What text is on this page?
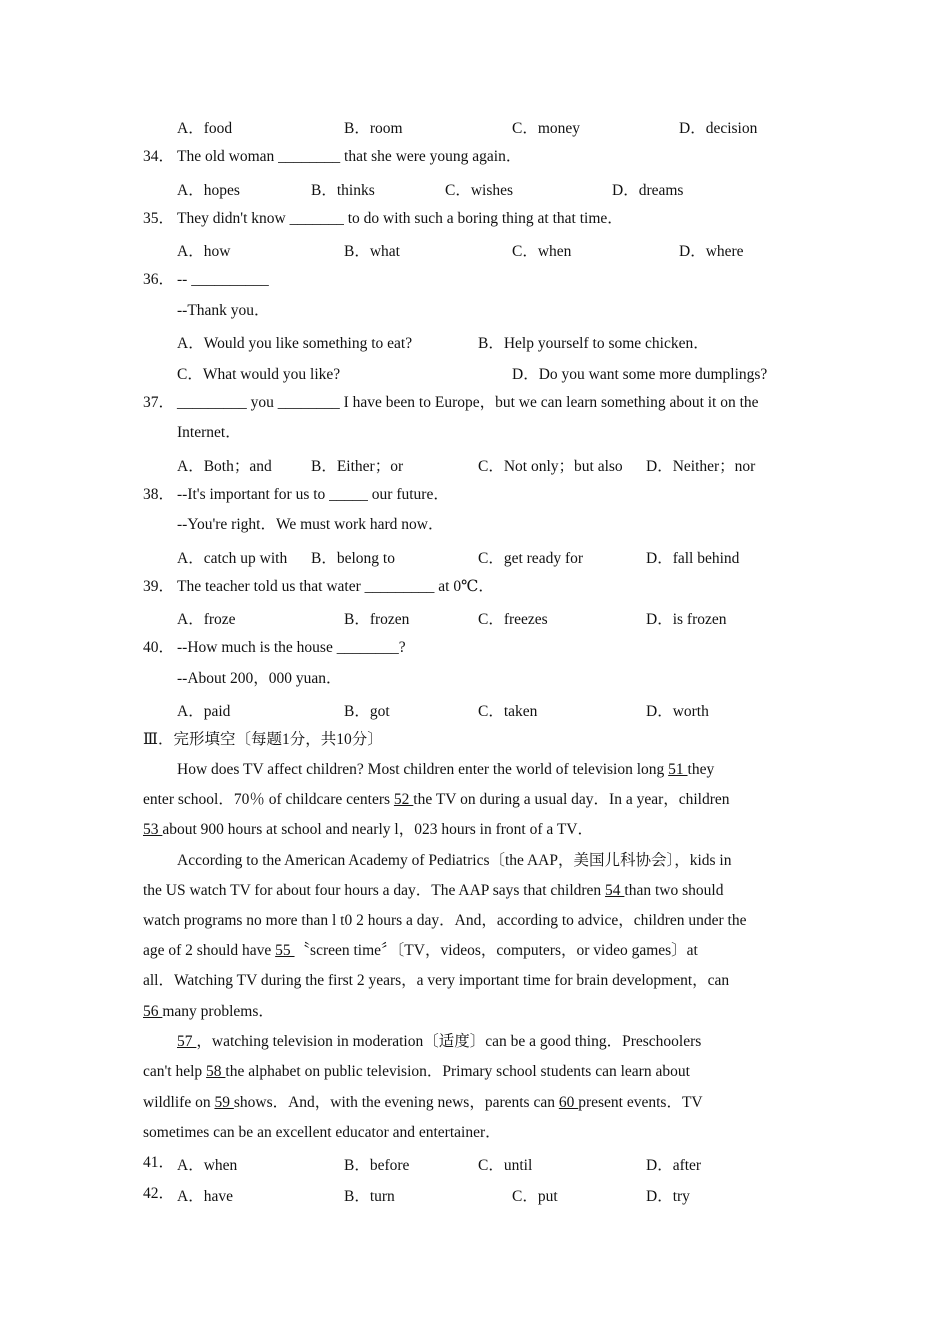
A．food	B．room	C．money	D．decision
34． The old woman ________ that she were young again．
A．hopes	B．thinks	C．wishes	D．dreams
35． They didn't know _______ to do with such a boring thing at that time．
A．how	B．what	C．when	D．where
36． -- __________
--Thank you．
A．Would you like something to eat?	B．Help yourself to some chicken．
C．What would you like?	D．Do you want some more dumplings?
37． _________ you ________ I have been to Europe，but we can learn something about it on the
Internet．
A．Both；and	B．Either；or	C．Not only；but also D．Neither；nor
38． --It's important for us to _____ our future．
--You're right．We must work hard now．
A．catch up with B．belong to	C．get ready for	D．fall behind
39． The teacher told us that water _________ at 0℃．
A．froze	B．frozen	C．freezes	D．is frozen
40． --How much is the house ________?
--About 200，000 yuan．
A．paid	B．got	C．taken	D．worth
Ⅲ．完形填空〔每题1分，共10分〕
How does TV affect children? Most children enter the world of television long 51 they
enter school．70％ of childcare centers 52 the TV on during a usual day．In a year，children
53 about 900 hours at school and nearly l，023 hours in front of a TV．
According to the American Academy of Pediatrics〔the AAP，美国儿科协会〕，kids in
the US watch TV for about four hours a day．The AAP says that children 54 than two should
watch programs no more than l t0 2 hours a day．And，according to advice，children under the
age of 2 should have 55 〝screen time〞〔TV，videos，computers，or video games〕at
all．Watching TV during the first 2 years，a very important time for brain development，can
56 many problems．
57 ，watching television in moderation〔适度〕can be a good thing．Preschoolers
can't help 58 the alphabet on public television．Primary school students can learn about
wildlife on 59 shows．And，with the evening news，parents can 60 present events．TV
sometimes can be an excellent educator and entertainer．
41． A．when	B．before	C．until	D．after
42． A．have	B．turn	C．put	D．try
